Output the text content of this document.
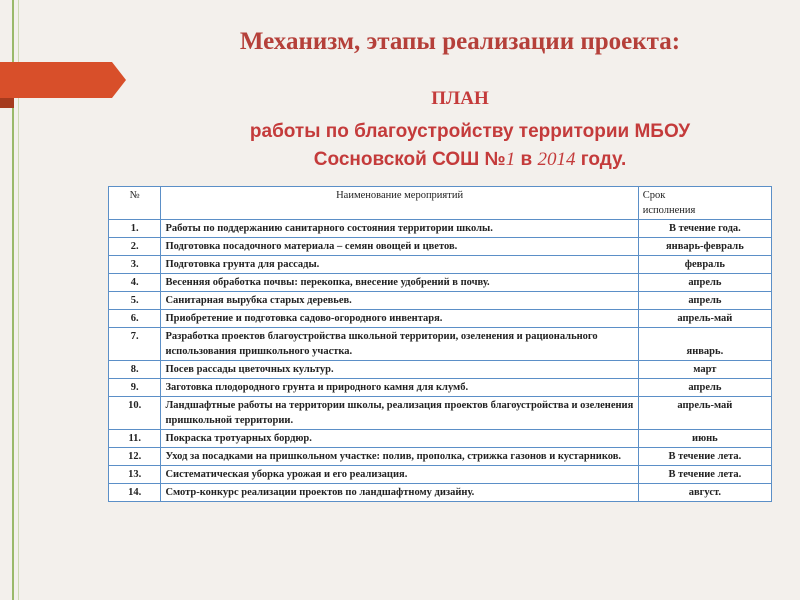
Механизм, этапы реализации проекта:
ПЛАН
работы по благоустройству территории МБОУ
Сосновской СОШ №1 в 2014 году.
№	Наименование мероприятий	Срок
исполнения
1.	Работы по поддержанию санитарного состояния территории школы.	В течение года.
2.	Подготовка посадочного материала – семян овощей и цветов.	январь-февраль
3.	Подготовка грунта для рассады.	февраль
4.	Весенняя обработка почвы: перекопка, внесение удобрений в почву.	апрель
5.	Санитарная вырубка старых деревьев.	апрель
6.	Приобретение и подготовка садово-огородного инвентаря.	апрель-май
7.	Разработка проектов благоустройства школьной территории, озеленения и рационального использования пришкольного участка.	январь.
8.	Посев рассады цветочных культур.	март
9.	Заготовка плодородного грунта и природного камня для клумб.	апрель
10.	Ландшафтные работы на территории школы, реализация проектов благоустройства и озеленения пришкольной территории.	апрель-май
11.	Покраска тротуарных бордюр.	июнь
12.	Уход за посадками на пришкольном участке: полив, прополка, стрижка газонов и кустарников.	В течение лета.
13.	Систематическая уборка урожая и его реализация.	В течение лета.
14.	Смотр-конкурс реализации проектов по ландшафтному дизайну.	август.
